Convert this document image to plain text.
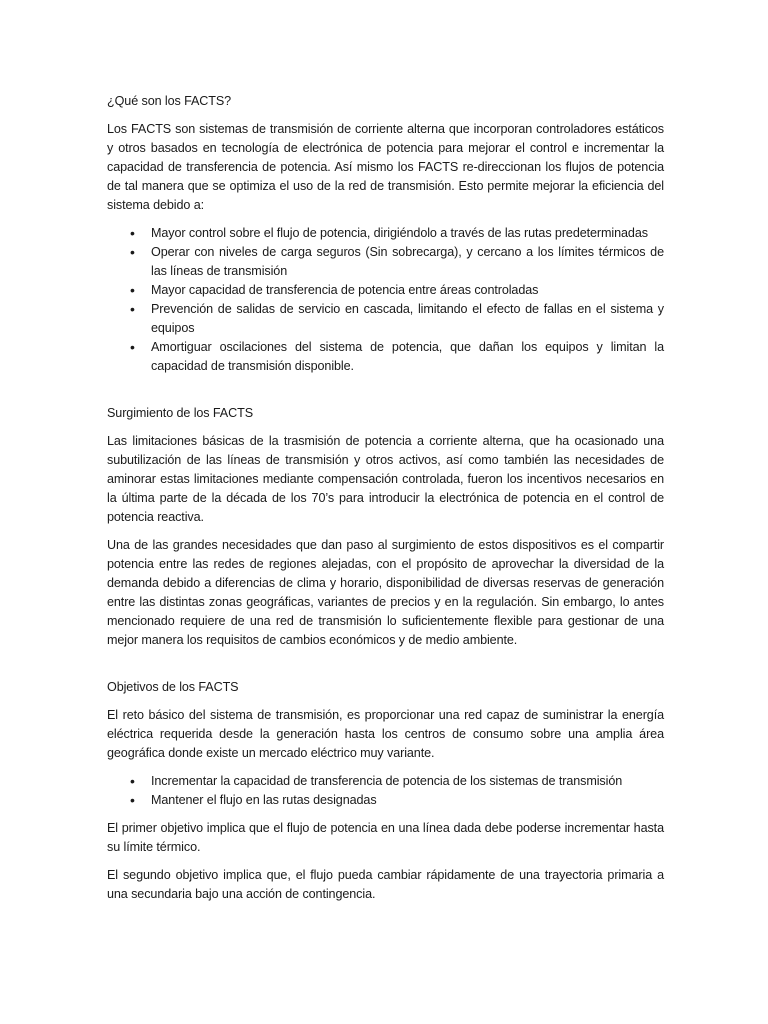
¿Qué son los FACTS?

Los FACTS son sistemas de transmisión de corriente alterna que incorporan controladores estáticos y otros basados en tecnología de electrónica de potencia para mejorar el control e incrementar la capacidad de transferencia de potencia. Así mismo los FACTS re-direccionan los flujos de potencia de tal manera que se optimiza el uso de la red de transmisión. Esto permite mejorar la eficiencia del sistema debido a:

• Mayor control sobre el flujo de potencia, dirigiéndolo a través de las rutas predeterminadas
• Operar con niveles de carga seguros (Sin sobrecarga), y cercano a los límites térmicos de las líneas de transmisión
• Mayor capacidad de transferencia de potencia entre áreas controladas
• Prevención de salidas de servicio en cascada, limitando el efecto de fallas en el sistema y equipos
• Amortiguar oscilaciones del sistema de potencia, que dañan los equipos y limitan la capacidad de transmisión disponible.
Surgimiento de los FACTS

Las limitaciones básicas de la trasmisión de potencia a corriente alterna, que ha ocasionado una subutilización de las líneas de transmisión y otros activos, así como también las necesidades de aminorar estas limitaciones mediante compensación controlada, fueron los incentivos necesarios en la última parte de la década de los 70’s para introducir la electrónica de potencia en el control de potencia reactiva.

Una de las grandes necesidades que dan paso al surgimiento de estos dispositivos es el compartir potencia entre las redes de regiones alejadas, con el propósito de aprovechar la diversidad de la demanda debido a diferencias de clima y horario, disponibilidad de diversas reservas de generación entre las distintas zonas geográficas, variantes de precios y en la regulación. Sin embargo, lo antes mencionado requiere de una red de transmisión lo suficientemente flexible para gestionar de una mejor manera los requisitos de cambios económicos y de medio ambiente.

Objetivos de los FACTS

El reto básico del sistema de transmisión, es proporcionar una red capaz de suministrar la energía eléctrica requerida desde la generación hasta los centros de consumo sobre una amplia área geográfica donde existe un mercado eléctrico muy variante.

• Incrementar la capacidad de transferencia de potencia de los sistemas de transmisión
• Mantener el flujo en las rutas designadas

El primer objetivo implica que el flujo de potencia en una línea dada debe poderse incrementar hasta su límite térmico.

El segundo objetivo implica que, el flujo pueda cambiar rápidamente de una trayectoria primaria a una secundaria bajo una acción de contingencia.
